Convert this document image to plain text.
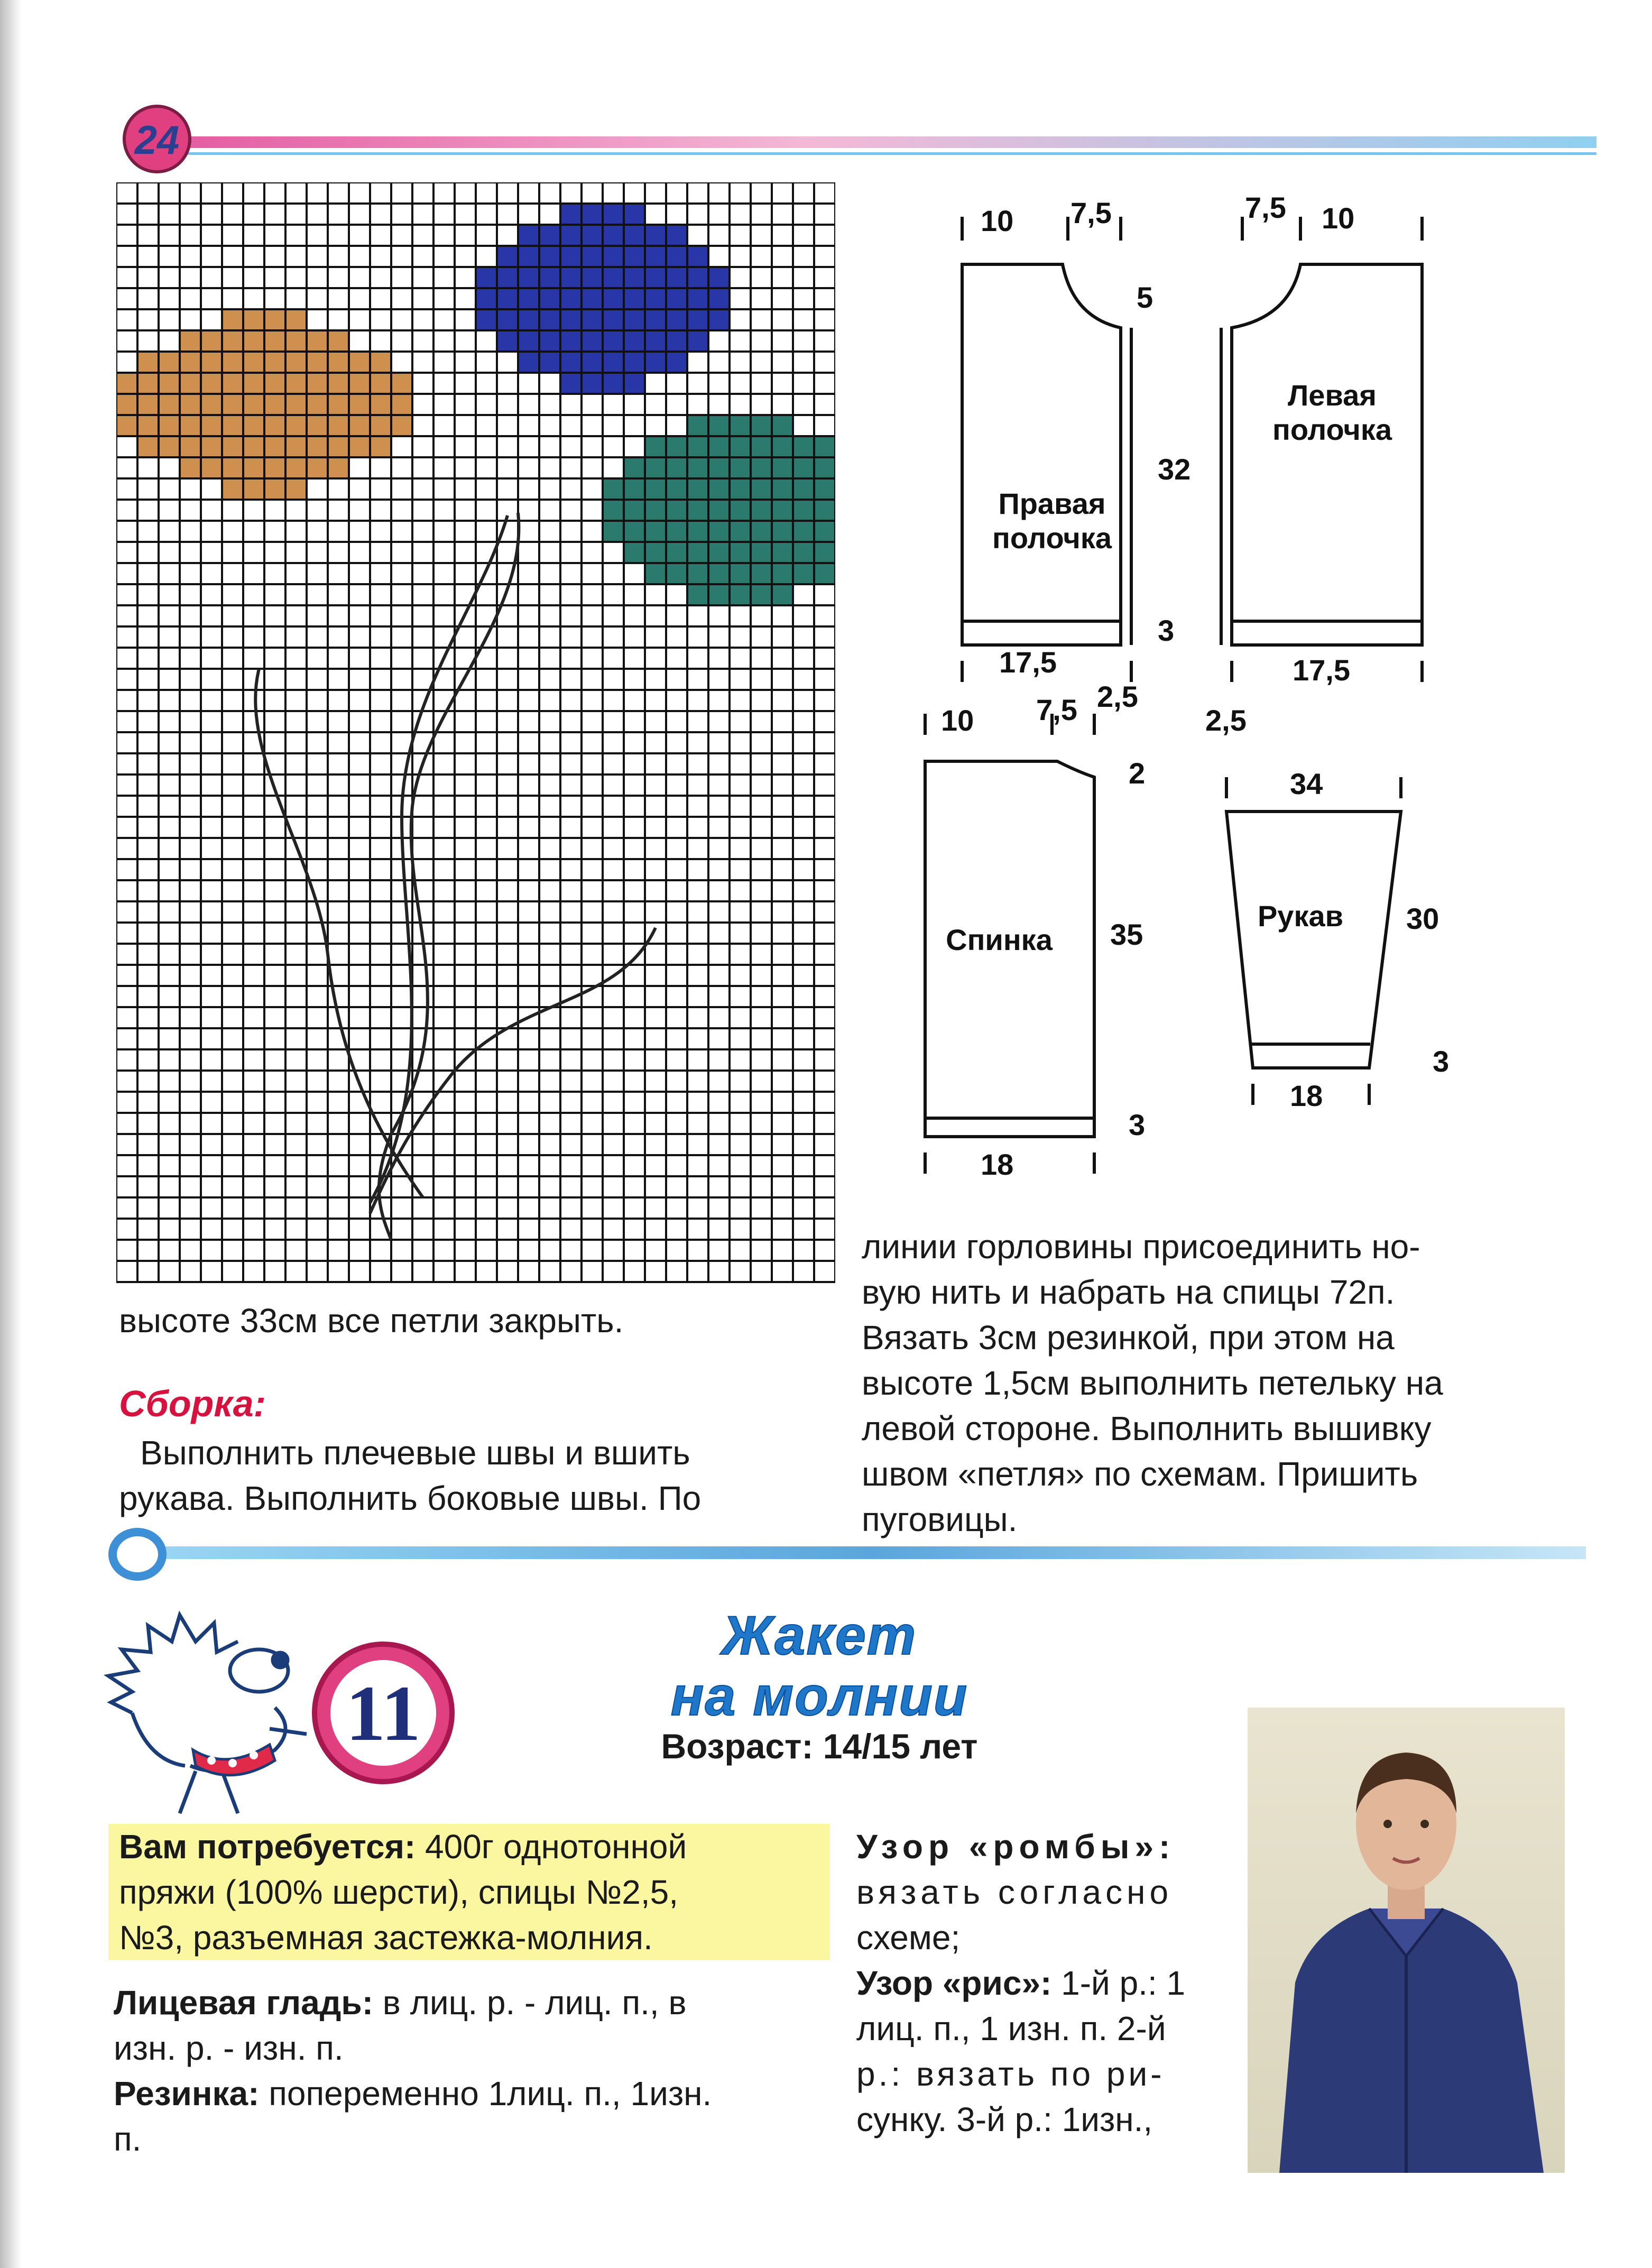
24
10 7,5
5
32
3
17,5
2,5
Правая
полочка
7,5 10
17,5
2,5
Левая
полочка
10 7,5
2
35
3
18
Спинка
34
30
3
18
Рукав
высоте 33см все петли закрыть.
Сборка:
Выполнить плечевые швы и вшить
рукава. Выполнить боковые швы. По
линии горловины присоединить но-
вую нить и набрать на спицы 72п.
Вязать 3см резинкой, при этом на
высоте 1,5см выполнить петельку на
левой стороне. Выполнить вышивку
швом «петля» по схемам. Пришить
пуговицы.
11
Жакет
на молнии
Возраст: 14/15 лет
Вам потребуется: 400г однотонной
пряжи (100% шерсти), спицы №2,5,
№3, разъемная застежка-молния.
Лицевая гладь: в лиц. р. - лиц. п., в
изн. р. - изн. п.
Резинка: попеременно 1лиц. п., 1изн.
п.
Узор «ромбы»:
вязать согласно
схеме;
Узор «рис»: 1-й р.: 1
лиц. п., 1 изн. п. 2-й
р.: вязать по ри-
сунку. 3-й р.: 1изн.,
